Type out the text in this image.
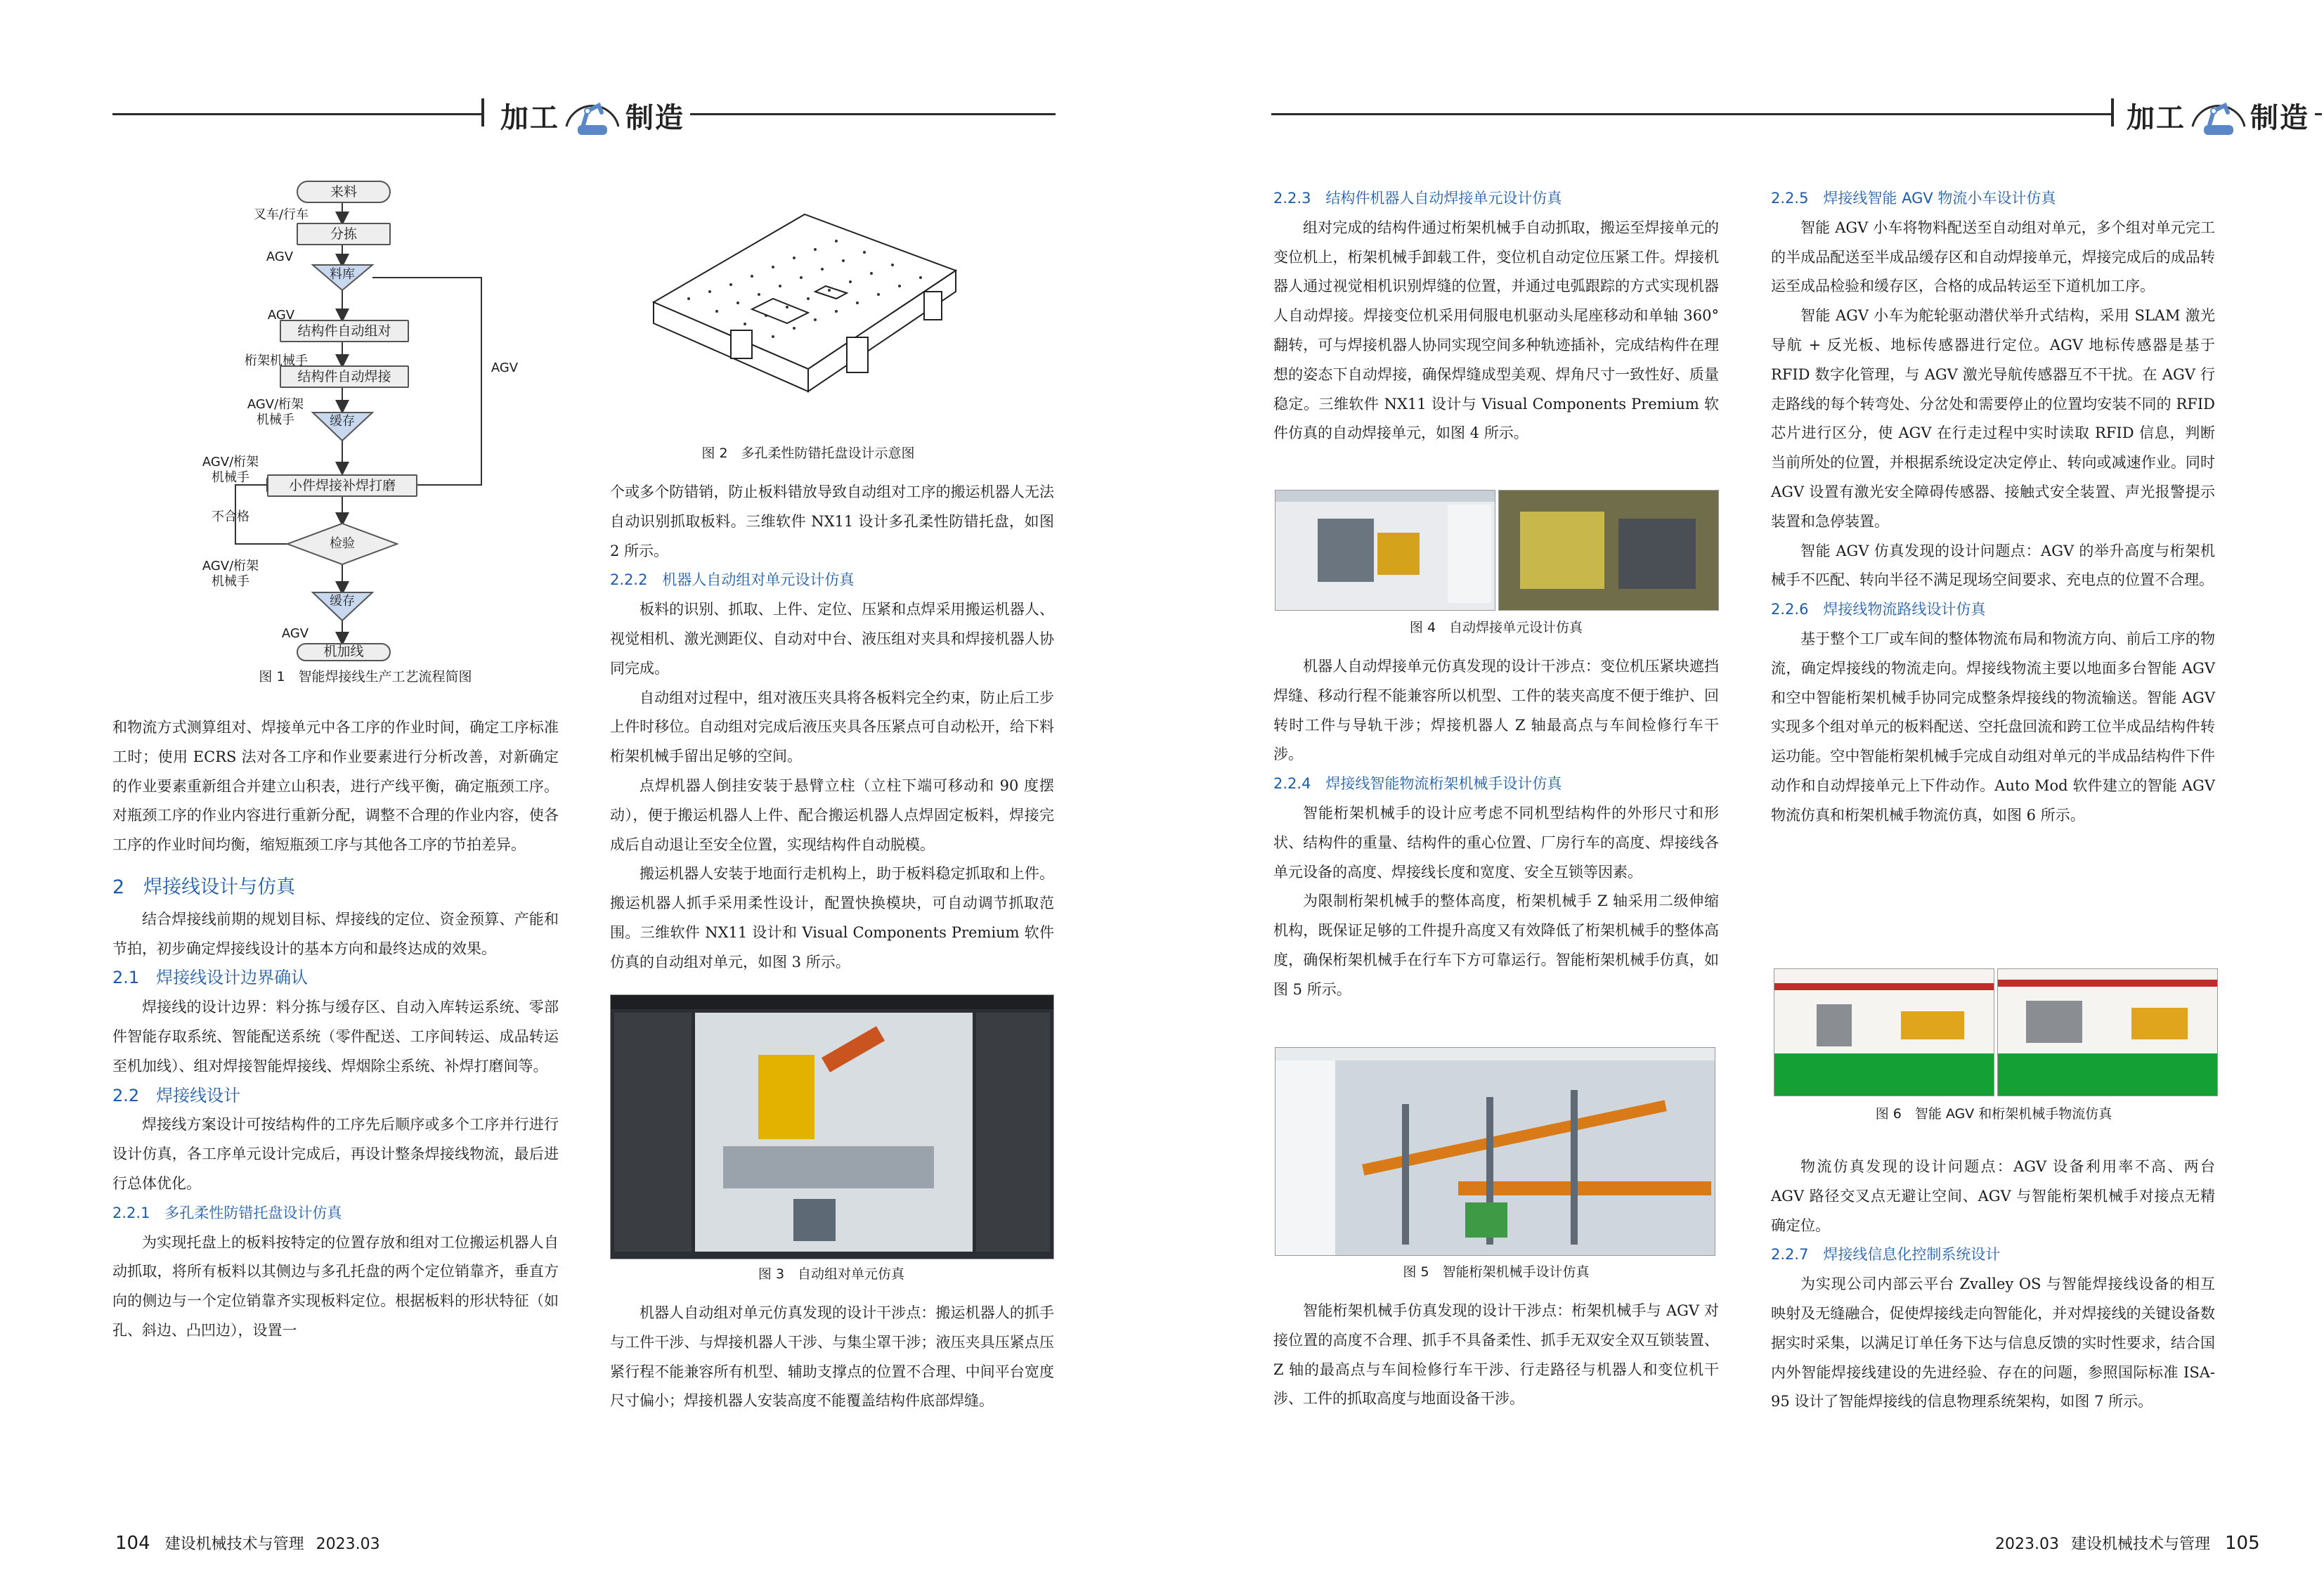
加工 制造
来料
分拣
料库
结构件自动组对
结构件自动焊接
缓存
小件焊接补焊打磨
检验
缓存
机加线
叉车/行车
AGV
AGV
桁架机械手
AGV/桁架
机械手
AGV/桁架
机械手
不合格
AGV/桁架
机械手
AGV
AGV
图 1　智能焊接线生产工艺流程简图

和物流方式测算组对、焊接单元中各工序的作业时间，确定工序标准工时；使用 ECRS 法对各工序和作业要素进行分析改善，对新确定的作业要素重新组合并建立山积表，进行产线平衡，确定瓶颈工序。对瓶颈工序的作业内容进行重新分配，调整不合理的作业内容，使各工序的作业时间均衡，缩短瓶颈工序与其他各工序的节拍差异。

2　焊接线设计与仿真

结合焊接线前期的规划目标、焊接线的定位、资金预算、产能和节拍，初步确定焊接线设计的基本方向和最终达成的效果。

2.1　焊接线设计边界确认

焊接线的设计边界：料分拣与缓存区、自动入库转运系统、零部件智能存取系统、智能配送系统（零件配送、工序间转运、成品转运至机加线）、组对焊接智能焊接线、焊烟除尘系统、补焊打磨间等。

2.2　焊接线设计

焊接线方案设计可按结构件的工序先后顺序或多个工序并行进行设计仿真，各工序单元设计完成后，再设计整条焊接线物流，最后进行总体优化。

2.2.1　多孔柔性防错托盘设计仿真

为实现托盘上的板料按特定的位置存放和组对工位搬运机器人自动抓取，将所有板料以其侧边与多孔托盘的两个定位销靠齐，垂直方向的侧边与一个定位销靠齐实现板料定位。根据板料的形状特征（如孔、斜边、凸凹边），设置一

图 2　多孔柔性防错托盘设计示意图

个或多个防错销，防止板料错放导致自动组对工序的搬运机器人无法自动识别抓取板料。三维软件 NX11 设计多孔柔性防错托盘，如图 2 所示。

2.2.2　机器人自动组对单元设计仿真

板料的识别、抓取、上件、定位、压紧和点焊采用搬运机器人、视觉相机、激光测距仪、自动对中台、液压组对夹具和焊接机器人协同完成。

自动组对过程中，组对液压夹具将各板料完全约束，防止后工步上件时移位。自动组对完成后液压夹具各压紧点可自动松开，给下料桁架机械手留出足够的空间。

点焊机器人倒挂安装于悬臂立柱（立柱下端可移动和 90 度摆动），便于搬运机器人上件、配合搬运机器人点焊固定板料，焊接完成后自动退让至安全位置，实现结构件自动脱模。

搬运机器人安装于地面行走机构上，助于板料稳定抓取和上件。搬运机器人抓手采用柔性设计，配置快换模块，可自动调节抓取范围。三维软件 NX11 设计和 Visual Components Premium 软件仿真的自动组对单元，如图 3 所示。

图 3　自动组对单元仿真

机器人自动组对单元仿真发现的设计干涉点：搬运机器人的抓手与工件干涉、与焊接机器人干涉、与集尘罩干涉；液压夹具压紧点压紧行程不能兼容所有机型、辅助支撑点的位置不合理、中间平台宽度尺寸偏小；焊接机器人安装高度不能覆盖结构件底部焊缝。

104 建设机械技术与管理 2023.03
加工 制造
2.2.3　结构件机器人自动焊接单元设计仿真

组对完成的结构件通过桁架机械手自动抓取，搬运至焊接单元的变位机上，桁架机械手卸载工件，变位机自动定位压紧工件。焊接机器人通过视觉相机识别焊缝的位置，并通过电弧跟踪的方式实现机器人自动焊接。焊接变位机采用伺服电机驱动头尾座移动和单轴 360° 翻转，可与焊接机器人协同实现空间多种轨迹插补，完成结构件在理想的姿态下自动焊接，确保焊缝成型美观、焊角尺寸一致性好、质量稳定。三维软件 NX11 设计与 Visual Components Premium 软件仿真的自动焊接单元，如图 4 所示。

图 4　自动焊接单元设计仿真

机器人自动焊接单元仿真发现的设计干涉点：变位机压紧块遮挡焊缝、移动行程不能兼容所以机型、工件的装夹高度不便于维护、回转时工件与导轨干涉；焊接机器人 Z 轴最高点与车间检修行车干涉。

2.2.4　焊接线智能物流桁架机械手设计仿真

智能桁架机械手的设计应考虑不同机型结构件的外形尺寸和形状、结构件的重量、结构件的重心位置、厂房行车的高度、焊接线各单元设备的高度、焊接线长度和宽度、安全互锁等因素。

为限制桁架机械手的整体高度，桁架机械手 Z 轴采用二级伸缩机构，既保证足够的工件提升高度又有效降低了桁架机械手的整体高度，确保桁架机械手在行车下方可靠运行。智能桁架机械手仿真，如图 5 所示。

图 5　智能桁架机械手设计仿真

智能桁架机械手仿真发现的设计干涉点：桁架机械手与 AGV 对接位置的高度不合理、抓手不具备柔性、抓手无双安全双互锁装置、Z 轴的最高点与车间检修行车干涉、行走路径与机器人和变位机干涉、工件的抓取高度与地面设备干涉。

2.2.5　焊接线智能 AGV 物流小车设计仿真

智能 AGV 小车将物料配送至自动组对单元，多个组对单元完工的半成品配送至半成品缓存区和自动焊接单元，焊接完成后的成品转运至成品检验和缓存区，合格的成品转运至下道机加工序。

智能 AGV 小车为舵轮驱动潜伏举升式结构，采用 SLAM 激光导航 + 反光板、地标传感器进行定位。AGV 地标传感器是基于 RFID 数字化管理，与 AGV 激光导航传感器互不干扰。在 AGV 行走路线的每个转弯处、分岔处和需要停止的位置均安装不同的 RFID 芯片进行区分，使 AGV 在行走过程中实时读取 RFID 信息，判断当前所处的位置，并根据系统设定决定停止、转向或减速作业。同时 AGV 设置有激光安全障碍传感器、接触式安全装置、声光报警提示装置和急停装置。

智能 AGV 仿真发现的设计问题点：AGV 的举升高度与桁架机械手不匹配、转向半径不满足现场空间要求、充电点的位置不合理。

2.2.6　焊接线物流路线设计仿真

基于整个工厂或车间的整体物流布局和物流方向、前后工序的物流，确定焊接线的物流走向。焊接线物流主要以地面多台智能 AGV 和空中智能桁架机械手协同完成整条焊接线的物流输送。智能 AGV 实现多个组对单元的板料配送、空托盘回流和跨工位半成品结构件转运功能。空中智能桁架机械手完成自动组对单元的半成品结构件下件动作和自动焊接单元上下件动作。Auto Mod 软件建立的智能 AGV 物流仿真和桁架机械手物流仿真，如图 6 所示。

图 6　智能 AGV 和桁架机械手物流仿真

物流仿真发现的设计问题点：AGV 设备利用率不高、两台 AGV 路径交叉点无避让空间、AGV 与智能桁架机械手对接点无精确定位。

2.2.7　焊接线信息化控制系统设计

为实现公司内部云平台 Zvalley OS 与智能焊接线设备的相互映射及无缝融合，促使焊接线走向智能化，并对焊接线的关键设备数据实时采集，以满足订单任务下达与信息反馈的实时性要求，结合国内外智能焊接线建设的先进经验、存在的问题，参照国际标准 ISA-95 设计了智能焊接线的信息物理系统架构，如图 7 所示。

2023.03 建设机械技术与管理 105
